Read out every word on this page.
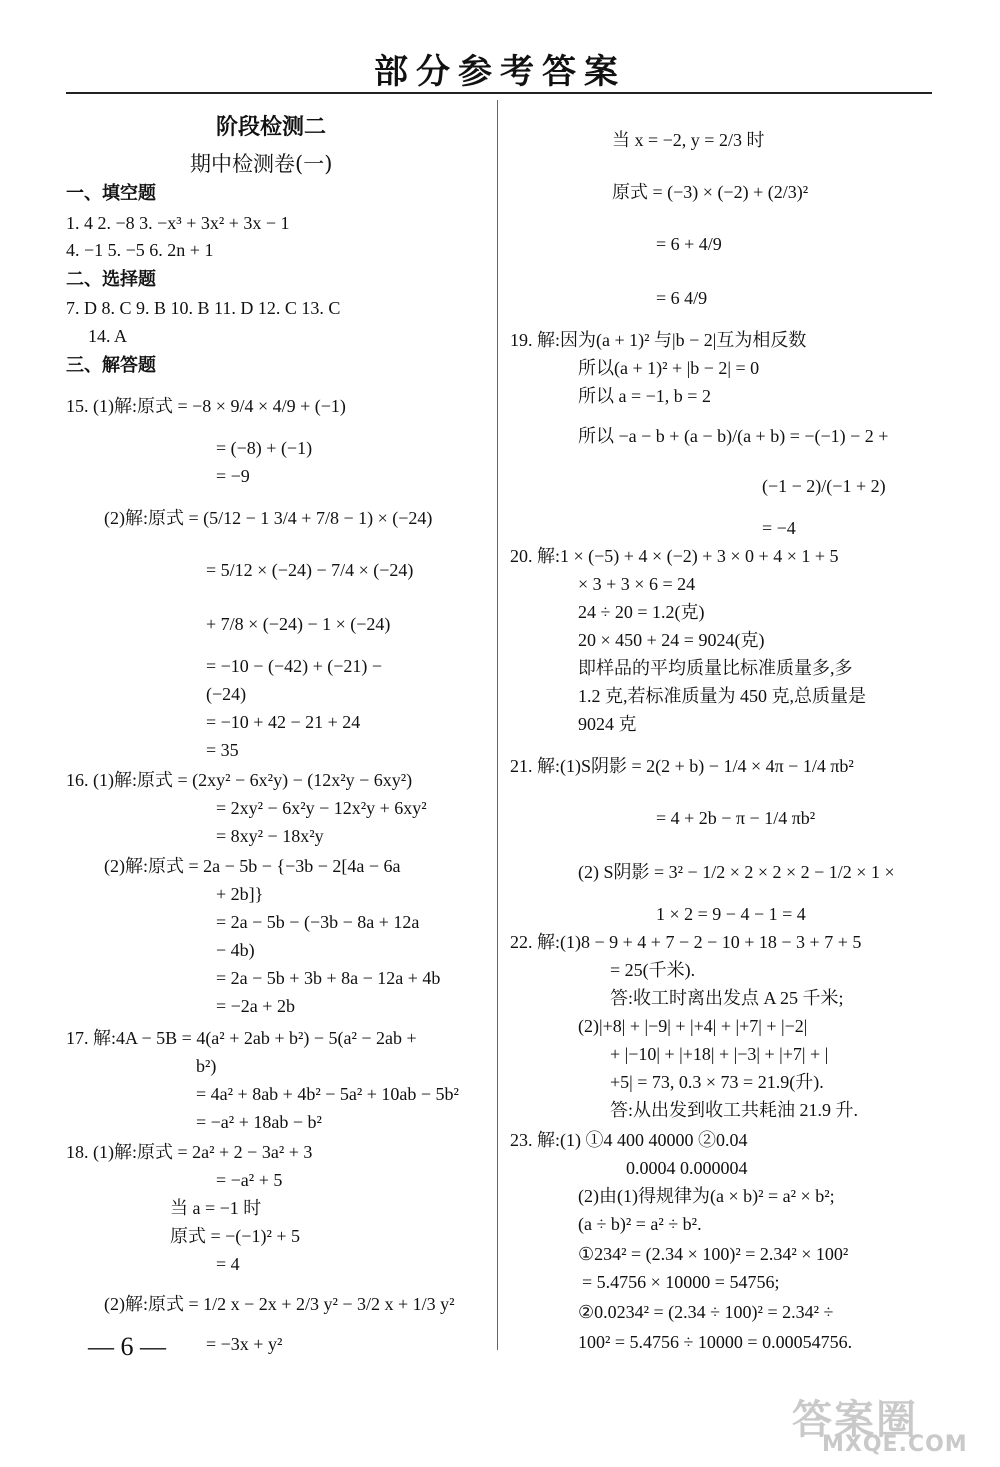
部分参考答案
阶段检测二
期中检测卷(一)
一、填空题
1. 4 2. −8 3. −x³ + 3x² + 3x − 1
4. −1 5. −5 6. 2n + 1
二、选择题
7. D 8. C 9. B 10. B 11. D 12. C 13. C
14. A
三、解答题
15. (1)解:原式 = −8 × 9/4 × 4/9 + (−1)
= (−8) + (−1)
= −9
(2)解:原式 = (5/12 − 1 3/4 + 7/8 − 1) × (−24)
= 5/12 × (−24) − 7/4 × (−24)
+ 7/8 × (−24) − 1 × (−24)
= −10 − (−42) + (−21) −
(−24)
= −10 + 42 − 21 + 24
= 35
16. (1)解:原式 = (2xy² − 6x²y) − (12x²y − 6xy²)
= 2xy² − 6x²y − 12x²y + 6xy²
= 8xy² − 18x²y
(2)解:原式 = 2a − 5b − {−3b − 2[4a − 6a
+ 2b]}
= 2a − 5b − (−3b − 8a + 12a
− 4b)
= 2a − 5b + 3b + 8a − 12a + 4b
= −2a + 2b
17. 解:4A − 5B = 4(a² + 2ab + b²) − 5(a² − 2ab +
b²)
= 4a² + 8ab + 4b² − 5a² + 10ab − 5b²
= −a² + 18ab − b²
18. (1)解:原式 = 2a² + 2 − 3a² + 3
= −a² + 5
当 a = −1 时
原式 = −(−1)² + 5
= 4
(2)解:原式 = 1/2 x − 2x + 2/3 y² − 3/2 x + 1/3 y²
= −3x + y²
当 x = −2, y = 2/3 时
原式 = (−3) × (−2) + (2/3)²
= 6 + 4/9
= 6 4/9
19. 解:因为(a + 1)² 与|b − 2|互为相反数
所以(a + 1)² + |b − 2| = 0
所以 a = −1, b = 2
所以 −a − b + (a − b)/(a + b) = −(−1) − 2 +
(−1 − 2)/(−1 + 2)
= −4
20. 解:1 × (−5) + 4 × (−2) + 3 × 0 + 4 × 1 + 5
× 3 + 3 × 6 = 24
24 ÷ 20 = 1.2(克)
20 × 450 + 24 = 9024(克)
即样品的平均质量比标准质量多,多
1.2 克,若标准质量为 450 克,总质量是
9024 克
21. 解:(1)S阴影 = 2(2 + b) − 1/4 × 4π − 1/4 πb²
= 4 + 2b − π − 1/4 πb²
(2) S阴影 = 3² − 1/2 × 2 × 2 × 2 − 1/2 × 1 ×
1 × 2 = 9 − 4 − 1 = 4
22. 解:(1)8 − 9 + 4 + 7 − 2 − 10 + 18 − 3 + 7 + 5
= 25(千米).
答:收工时离出发点 A 25 千米;
(2)|+8| + |−9| + |+4| + |+7| + |−2|
+ |−10| + |+18| + |−3| + |+7| + |
+5| = 73, 0.3 × 73 = 21.9(升).
答:从出发到收工共耗油 21.9 升.
23. 解:(1) ①4 400 40000 ②0.04
0.0004 0.000004
(2)由(1)得规律为(a × b)² = a² × b²;
(a ÷ b)² = a² ÷ b².
①234² = (2.34 × 100)² = 2.34² × 100²
= 5.4756 × 10000 = 54756;
②0.0234² = (2.34 ÷ 100)² = 2.34² ÷
100² = 5.4756 ÷ 10000 = 0.00054756.
— 6 —
答案圈
MXQE.COM
